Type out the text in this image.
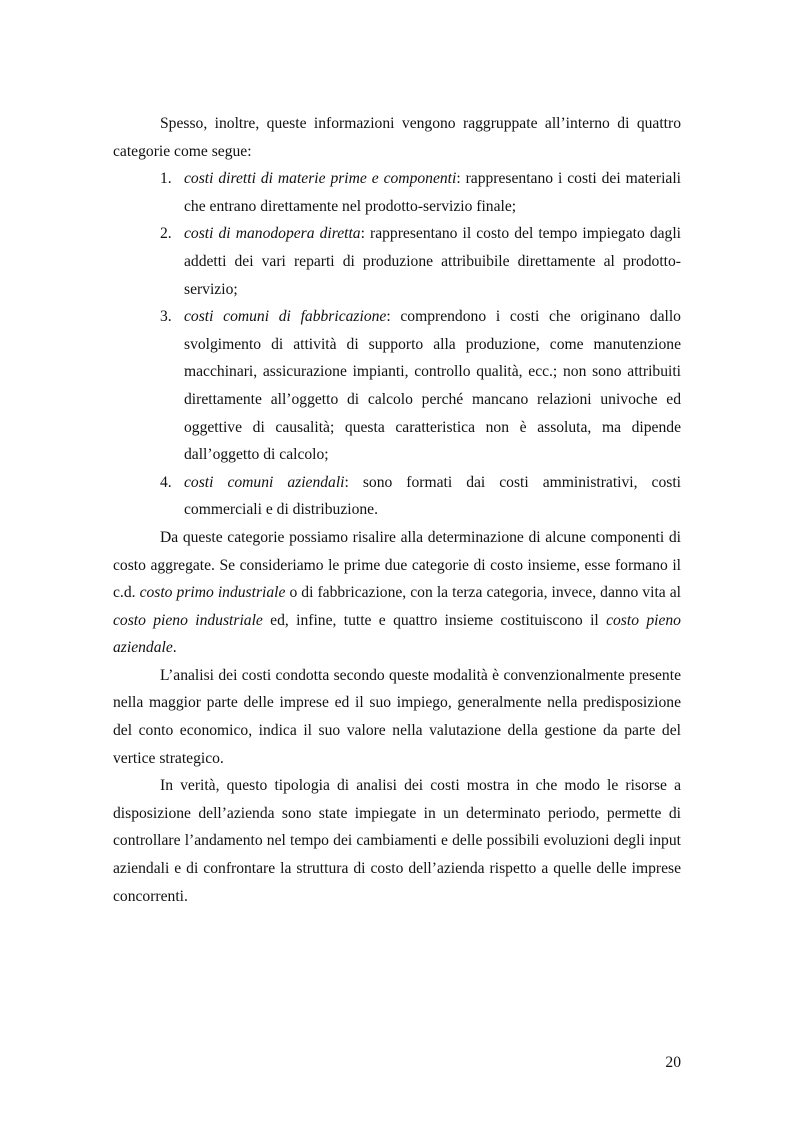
Spesso, inoltre, queste informazioni vengono raggruppate all’interno di quattro categorie come segue:

1. costi diretti di materie prime e componenti: rappresentano i costi dei materiali che entrano direttamente nel prodotto-servizio finale;
2. costi di manodopera diretta: rappresentano il costo del tempo impiegato dagli addetti dei vari reparti di produzione attribuibile direttamente al prodotto-servizio;
3. costi comuni di fabbricazione: comprendono i costi che originano dallo svolgimento di attività di supporto alla produzione, come manutenzione macchinari, assicurazione impianti, controllo qualità, ecc.; non sono attribuiti direttamente all’oggetto di calcolo perché mancano relazioni univoche ed oggettive di causalità; questa caratteristica non è assoluta, ma dipende dall’oggetto di calcolo;
4. costi comuni aziendali: sono formati dai costi amministrativi, costi commerciali e di distribuzione.

Da queste categorie possiamo risalire alla determinazione di alcune componenti di costo aggregate. Se consideriamo le prime due categorie di costo insieme, esse formano il c.d. costo primo industriale o di fabbricazione, con la terza categoria, invece, danno vita al costo pieno industriale ed, infine, tutte e quattro insieme costituiscono il costo pieno aziendale.

L’analisi dei costi condotta secondo queste modalità è convenzionalmente presente nella maggior parte delle imprese ed il suo impiego, generalmente nella predisposizione del conto economico, indica il suo valore nella valutazione della gestione da parte del vertice strategico.

In verità, questo tipologia di analisi dei costi mostra in che modo le risorse a disposizione dell’azienda sono state impiegate in un determinato periodo, permette di controllare l’andamento nel tempo dei cambiamenti e delle possibili evoluzioni degli input aziendali e di confrontare la struttura di costo dell’azienda rispetto a quelle delle imprese concorrenti.

20
